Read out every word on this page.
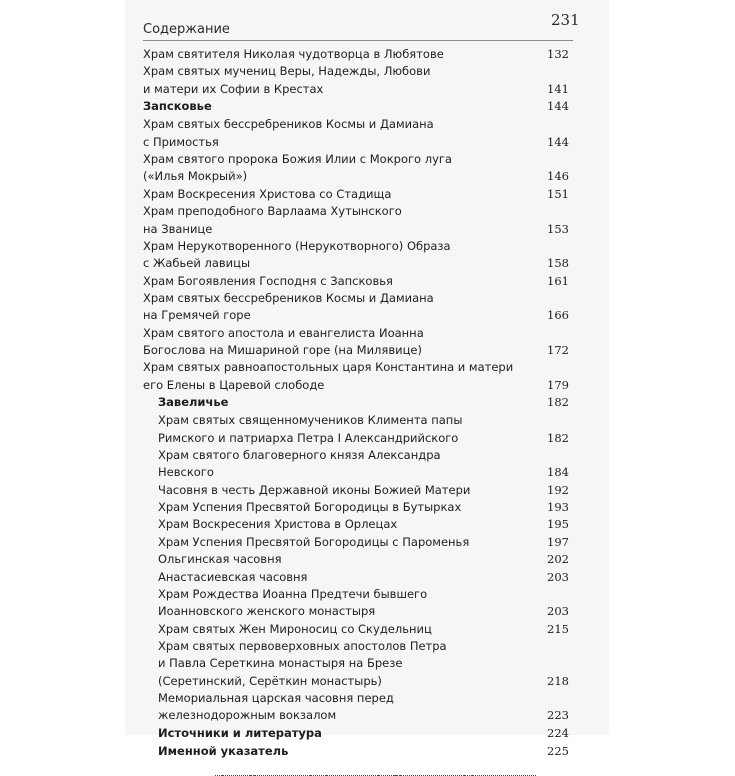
Содержание
231
Храм святителя Николая чудотворца в Любятове	132
Храм святых мучениц Веры, Надежды, Любови
и матери их Софии в Крестах	141
Запсковье	144
Храм святых бессребреников Космы и Дамиана
с Примостья	144
Храм святого пророка Божия Илии с Мокрого луга
(«Илья Мокрый»)	146
Храм Воскресения Христова со Стадища	151
Храм преподобного Варлаама Хутынского
на Званице	153
Храм Нерукотворенного (Нерукотворного) Образа
с Жабьей лавицы	158
Храм Богоявления Господня с Запсковья	161
Храм святых бессребреников Космы и Дамиана
на Гремячей горе	166
Храм святого апостола и евангелиста Иоанна
Богослова на Мишариной горе (на Милявице)	172
Храм святых равноапостольных царя Константина и матери
его Елены в Царевой слободе	179
Завеличье	182
Храм святых священномучеников Климента папы
Римского и патриарха Петра I Александрийского	182
Храм святого благоверного князя Александра
Невского	184
Часовня в честь Державной иконы Божией Матери	192
Храм Успения Пресвятой Богородицы в Бутырках	193
Храм Воскресения Христова в Орлецах	195
Храм Успения Пресвятой Богородицы с Пароменья	197
Ольгинская часовня	202
Анастасиевская часовня	203
Храм Рождества Иоанна Предтечи бывшего
Иоанновского женского монастыря	203
Храм святых Жен Мироносиц со Скудельниц	215
Храм святых первоверховных апостолов Петра
и Павла Сереткина монастыря на Брезе
(Серетинский, Серёткин монастырь)	218
Мемориальная царская часовня перед
железнодорожным вокзалом	223
Источники и литература	224
Именной указатель	225
